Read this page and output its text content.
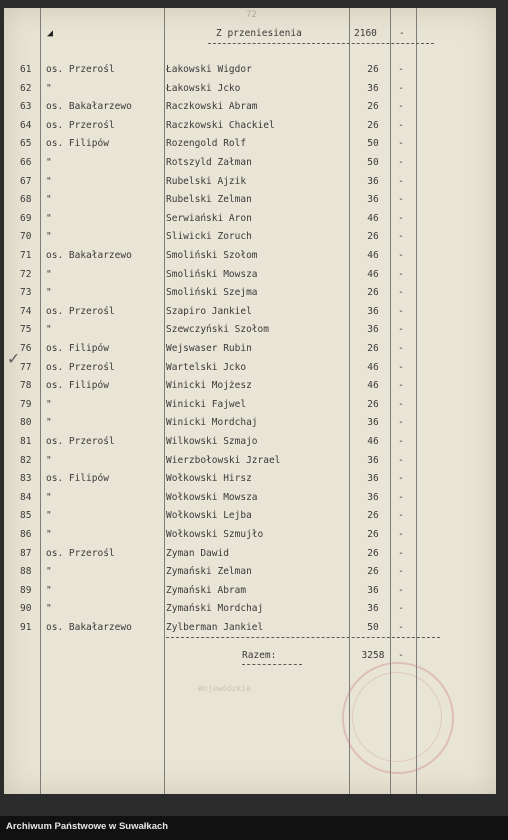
72
◢
✓
Z przeniesienia	2160 -
61	os. Przerośl	Łakowski Wigdor	26	-
62	"	Łakowski Jcko	36	-
63	os. Bakałarzewo	Raczkowski Abram	26	-
64	os. Przerośl	Raczkowski Chackiel	26	-
65	os. Filipów	Rozengold Rolf	50	-
66	"	Rotszyld Załman	50	-
67	"	Rubelski Ajzik	36	-
68	"	Rubelski Zelman	36	-
69	"	Serwiański Aron	46	-
70	"	Sliwicki Zoruch	26	-
71	os. Bakałarzewo	Smoliński Szołom	46	-
72	"	Smoliński Mowsza	46	-
73	"	Smoliński Szejma	26	-
74	os. Przerośl	Szapiro Jankiel	36	-
75	"	Szewczyński Szołom	36	-
76	os. Filipów	Wejswaser Rubin	26	-
77	os. Przerośl	Wartelski Jcko	46	-
78	os. Filipów	Winicki Mojżesz	46	-
79	"	Winicki Fajwel	26	-
80	"	Winicki Mordchaj	36	-
81	os. Przerośl	Wilkowski Szmajo	46	-
82	"	Wierzbołowski Jzrael	36	-
83	os. Filipów	Wołkowski Hirsz	36	-
84	"	Wołkowski Mowsza	36	-
85	"	Wołkowski Lejba	26	-
86	"	Wołkowski Szmujło	26	-
87	os. Przerośl	Zyman Dawid	26	-
88	"	Zymański Zelman	26	-
89	"	Zymański Abram	36	-
90	"	Zymański Mordchaj	36	-
91	os. Bakałarzewo	Zylberman Jankiel	50	-
Razem:	3258	-
Wojewódzkie
Archiwum Państwowe w Suwałkach
